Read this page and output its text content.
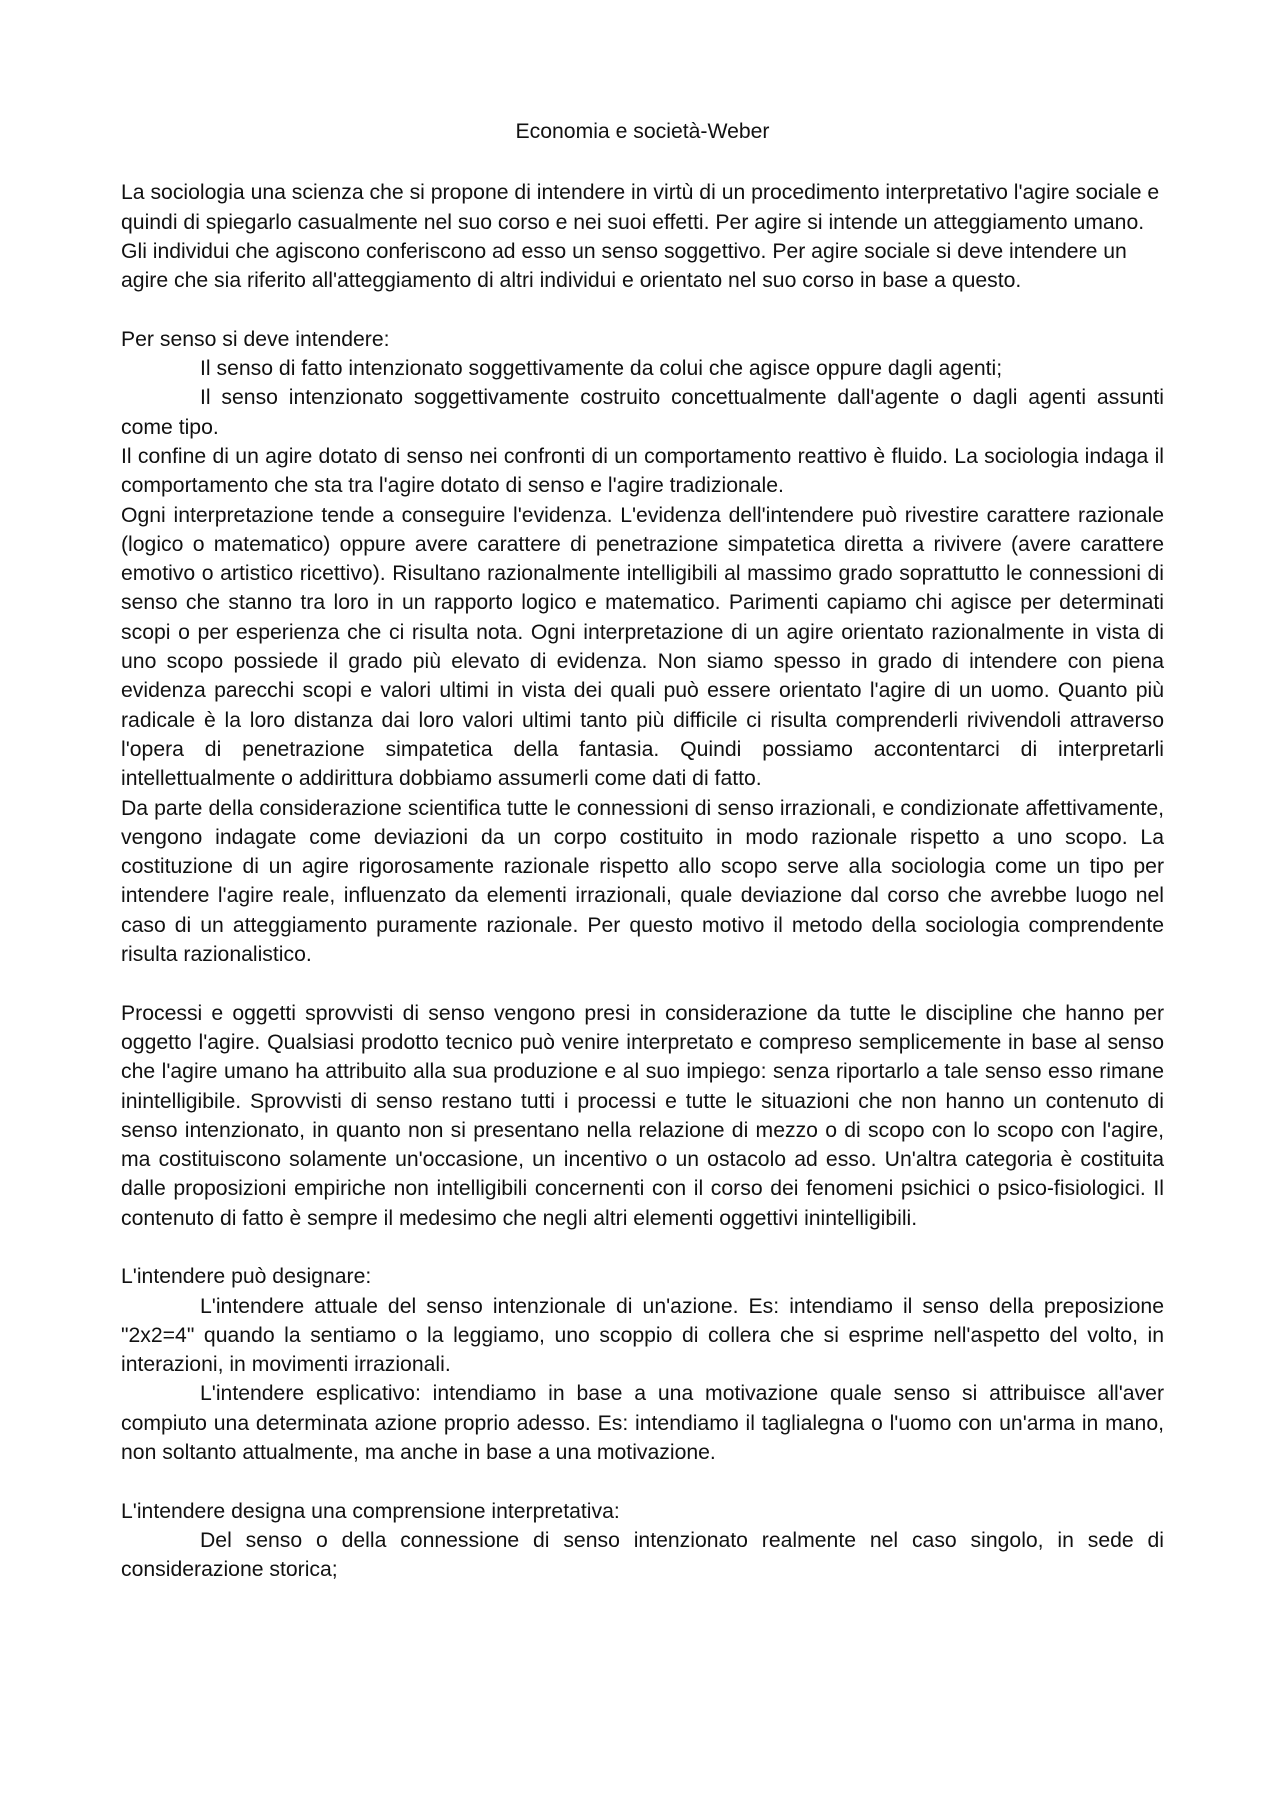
Economia e società-Weber

La sociologia una scienza che si propone di intendere in virtù di un procedimento interpretativo l'agire sociale e quindi di spiegarlo casualmente nel suo corso e nei suoi effetti. Per agire si intende un atteggiamento umano. Gli individui che agiscono conferiscono ad esso un senso soggettivo. Per agire sociale si deve intendere un agire che sia riferito all'atteggiamento di altri individui e orientato nel suo corso in base a questo.

Per senso si deve intendere:

Il senso di fatto intenzionato soggettivamente da colui che agisce oppure dagli agenti;

Il senso intenzionato soggettivamente costruito concettualmente dall'agente o dagli agenti assunti come tipo.

Il confine di un agire dotato di senso nei confronti di un comportamento reattivo è fluido. La sociologia indaga il comportamento che sta tra l'agire dotato di senso e l'agire tradizionale.

Ogni interpretazione tende a conseguire l'evidenza. L'evidenza dell'intendere può rivestire carattere razionale (logico o matematico) oppure avere carattere di penetrazione simpatetica diretta a rivivere (avere carattere emotivo o artistico ricettivo). Risultano razionalmente intelligibili al massimo grado soprattutto le connessioni di senso che stanno tra loro in un rapporto logico e matematico. Parimenti capiamo chi agisce per determinati scopi o per esperienza che ci risulta nota. Ogni interpretazione di un agire orientato razionalmente in vista di uno scopo possiede il grado più elevato di evidenza. Non siamo spesso in grado di intendere con piena evidenza parecchi scopi e valori ultimi in vista dei quali può essere orientato l'agire di un uomo. Quanto più radicale è la loro distanza dai loro valori ultimi tanto più difficile ci risulta comprenderli rivivendoli attraverso l'opera di penetrazione simpatetica della fantasia. Quindi possiamo accontentarci di interpretarli intellettualmente o addirittura dobbiamo assumerli come dati di fatto.

Da parte della considerazione scientifica tutte le connessioni di senso irrazionali, e condizionate affettivamente, vengono indagate come deviazioni da un corpo costituito in modo razionale rispetto a uno scopo. La costituzione di un agire rigorosamente razionale rispetto allo scopo serve alla sociologia come un tipo per intendere l'agire reale, influenzato da elementi irrazionali, quale deviazione dal corso che avrebbe luogo nel caso di un atteggiamento puramente razionale. Per questo motivo il metodo della sociologia comprendente risulta razionalistico.

Processi e oggetti sprovvisti di senso vengono presi in considerazione da tutte le discipline che hanno per oggetto l'agire. Qualsiasi prodotto tecnico può venire interpretato e compreso semplicemente in base al senso che l'agire umano ha attribuito alla sua produzione e al suo impiego: senza riportarlo a tale senso esso rimane inintelligibile. Sprovvisti di senso restano tutti i processi e tutte le situazioni che non hanno un contenuto di senso intenzionato, in quanto non si presentano nella relazione di mezzo o di scopo con lo scopo con l'agire, ma costituiscono solamente un'occasione, un incentivo o un ostacolo ad esso. Un'altra categoria è costituita dalle proposizioni empiriche non intelligibili concernenti con il corso dei fenomeni psichici o psico-fisiologici. Il contenuto di fatto è sempre il medesimo che negli altri elementi oggettivi inintelligibili.

L'intendere può designare:

L'intendere attuale del senso intenzionale di un'azione. Es: intendiamo il senso della preposizione "2x2=4" quando la sentiamo o la leggiamo, uno scoppio di collera che si esprime nell'aspetto del volto, in interazioni, in movimenti irrazionali.

L'intendere esplicativo: intendiamo in base a una motivazione quale senso si attribuisce all'aver compiuto una determinata azione proprio adesso. Es: intendiamo il taglialegna o l'uomo con un'arma in mano, non soltanto attualmente, ma anche in base a una motivazione.

L'intendere designa una comprensione interpretativa:

Del senso o della connessione di senso intenzionato realmente nel caso singolo, in sede di considerazione storica;
